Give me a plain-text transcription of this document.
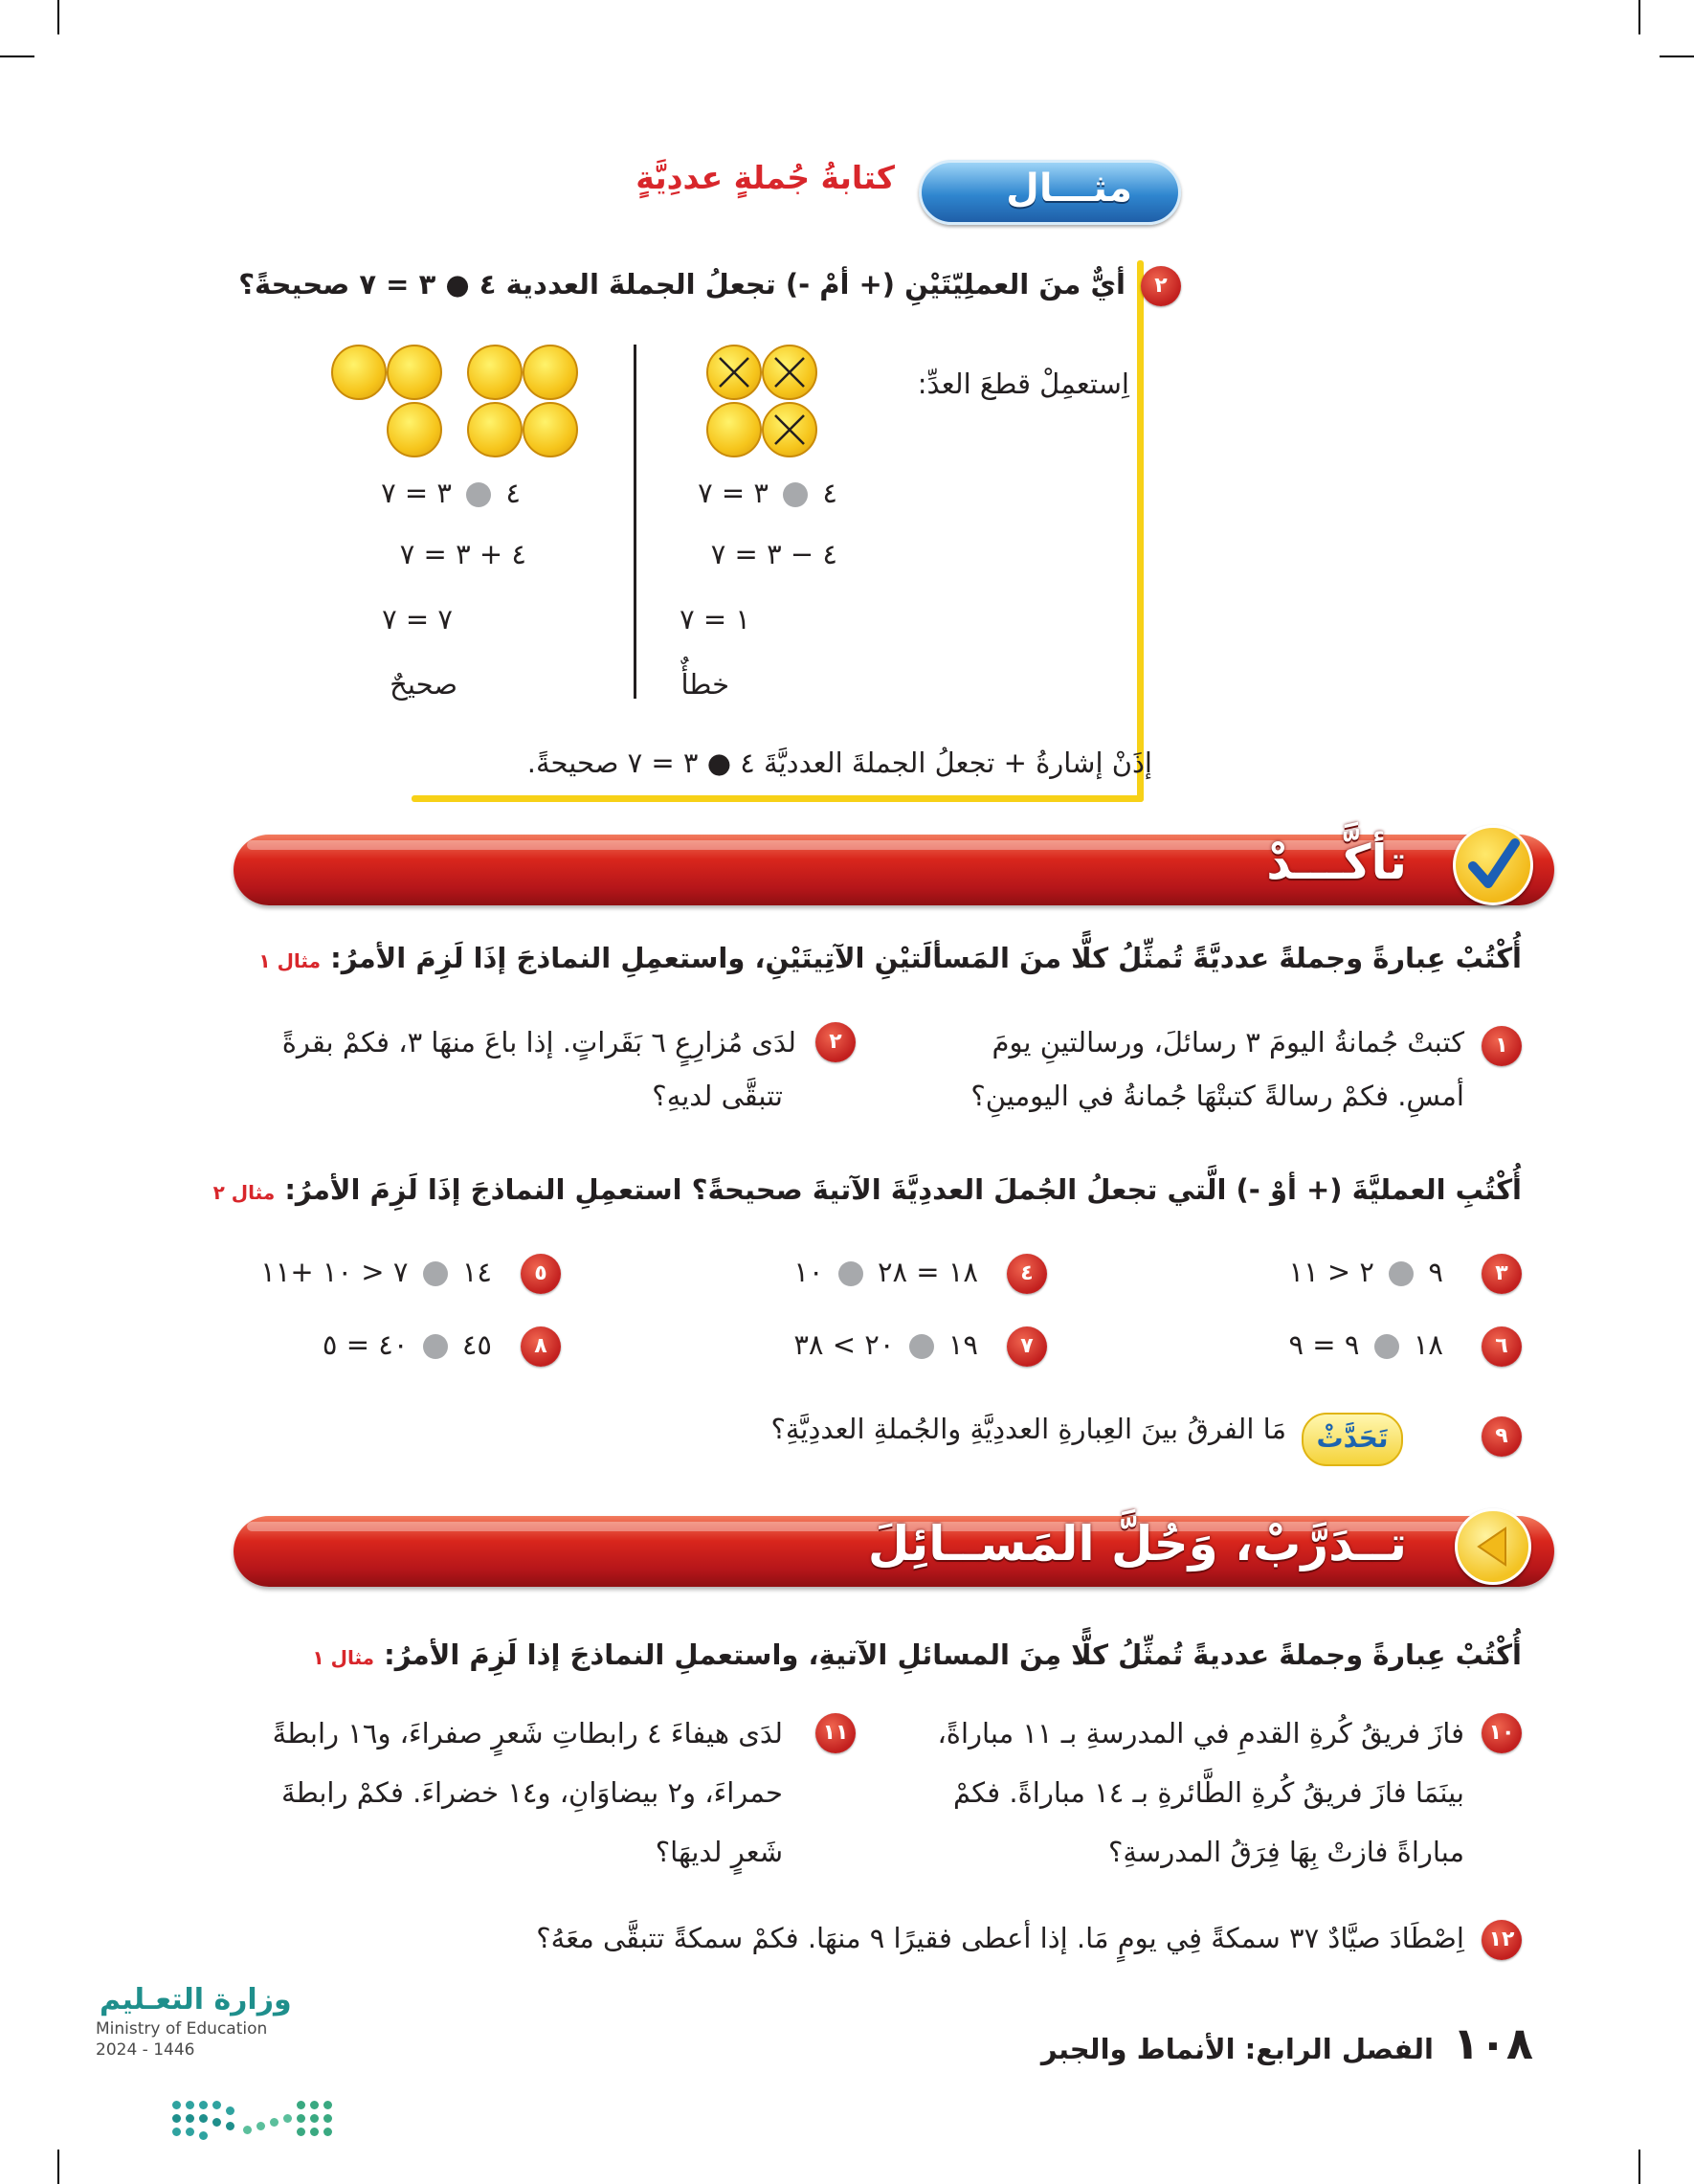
مثـــال
كتابةُ جُملةٍ عددِيَّةٍ
٢
أيٌّ منَ العملِيّتَيْنِ (+ أمْ -) تجعلُ الجملةَ العددية ٤ ● ٣ = ٧ صحيحةً؟
اِستعمِلْ قطعَ العدِّ:
٤  ٣ = ٧
٤ − ٣ = ٧
١ = ٧
خطأٌ
٤  ٣ = ٧
٤ + ٣ = ٧
٧ = ٧
صحيحٌ
إذَنْ إشارةُ + تجعلُ الجملةَ العدديَّةَ ٤ ● ٣ = ٧ صحيحةً.
تأكَّـــدْ
أُكْتُبْ عِبارةً وجملةً عدديَّةً تُمثِّلُ كلًّا منَ المَسألَتيْنِ الآتِيتَيْنِ، واستعمِلِ النماذجَ إذَا لَزِمَ الأمرُ: مثال ١
١
كتبتْ جُمانةُ اليومَ ٣ رسائلَ، ورسالتينِ يومَ
أمسِ. فكمْ رسالةً كتبتْهَا جُمانةُ في اليومينِ؟
٢
لدَى مُزارِعٍ ٦ بَقَراتٍ. إذا باعَ منهَا ٣، فكمْ بقرةً
تتبقَّى لديهِ؟
أُكْتُبِ العمليَّةَ (+ أوْ -) الَّتي تجعلُ الجُملَ العددِيَّةَ الآتيةَ صحيحةً؟ استعمِلِ النماذجَ إذَا لَزِمَ الأمرُ: مثال ٢
٣
٩  ٢ < ١١
٤
١٨ = ٢٨  ١٠
٥
١٤  ٧ < ١٠ +١١
٦
١٨  ٩ = ٩
٧
١٩  ٢٠ > ٣٨
٨
٤٥  ٤٠ = ٥
٩
تَحَدَّثْ
مَا الفرقُ بينَ العِبارةِ العددِيَّةِ والجُملةِ العددِيَّةِ؟
تــدَرَّبْ، وَحُلَّ المَســائِلَ
أُكْتُبْ عِبارةً وجملةً عدديةً تُمثِّلُ كلًّا مِنَ المسائلِ الآتيةِ، واستعملِ النماذجَ إذا لَزِمَ الأمرُ: مثال ١
١٠
فازَ فريقُ كُرةِ القدمِ في المدرسةِ بـ ١١ مباراةً،
بينَمَا فازَ فريقُ كُرةِ الطَّائرةِ بـ ١٤ مباراةً. فكمْ
مباراةً فازتْ بِهَا فِرَقُ المدرسةِ؟
١١
لدَى هيفاءَ ٤ رابطاتِ شَعرٍ صفراءَ، و١٦ رابطةً
حمراءَ، و٢ بيضاوَانِ، و١٤ خضراءَ. فكمْ رابطةَ
شَعرٍ لديهَا؟
١٢
اِصْطَادَ صيَّادٌ ٣٧ سمكةً فِي يومٍ مَا. إذا أعطى فقيرًا ٩ منهَا. فكمْ سمكةً تتبقَّى معَهُ؟
وزارة التعـليم
Ministry of Education
2024 - 1446	الفصل الرابع: الأنماط والجبر	١٠٨
